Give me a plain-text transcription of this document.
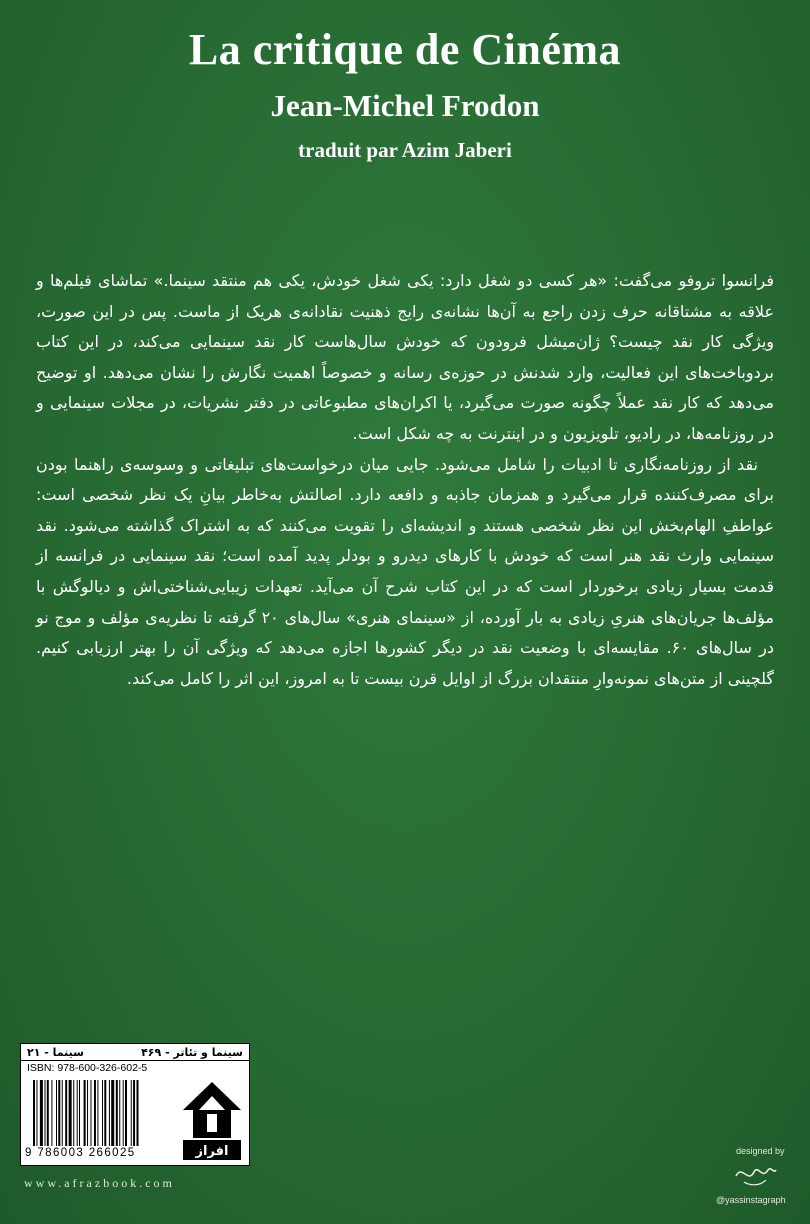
La critique de Cinéma
Jean-Michel Frodon
traduit par Azim Jaberi

فرانسوا تروفو می‌گفت: «هر کسی دو شغل دارد: یکی شغل خودش، یکی هم منتقد سینما.» تماشای فیلم‌ها و علاقه به مشتاقانه حرف زدن راجع به آن‌ها نشانه‌ی رایج ذهنیت نقادانه‌ی هریک از ماست. پس در این صورت، ویژگی کار نقد چیست؟ ژان‌میشل فرودون که خودش سال‌هاست کار نقد سینمایی می‌کند، در این کتاب بردوباخت‌های این فعالیت، وارد شدنش در حوزه‌ی رسانه و خصوصاً اهمیت نگارش را نشان می‌دهد. او توضیح می‌دهد که کار نقد عملاً چگونه صورت می‌گیرد، یا اکران‌های مطبوعاتی در دفتر نشریات، در مجلات سینمایی و در روزنامه‌ها، در رادیو، تلویزیون و در اینترنت به چه شکل است.

نقد از روزنامه‌نگاری تا ادبیات را شامل می‌شود. جایی میان درخواست‌های تبلیغاتی و وسوسه‌ی راهنما بودن برای مصرف‌کننده قرار می‌گیرد و همزمان جاذبه و دافعه دارد. اصالتش به‌خاطر بیانِ یک نظر شخصی است: عواطفِ الهام‌بخش این نظر شخصی هستند و اندیشه‌ای را تقویت می‌کنند که به اشتراک گذاشته می‌شود. نقد سینمایی وارث نقد هنر است که خودش با کارهای دیدرو و بودلر پدید آمده است؛ نقد سینمایی در فرانسه از قدمت بسیار زیادی برخوردار است که در این کتاب شرح آن می‌آید. تعهدات زیبایی‌شناختی‌اش و دیالوگش با مؤلف‌ها جریان‌های هنریِ زیادی به بار آورده، از «سینمای هنری» سال‌های ۲۰ گرفته تا نظریه‌ی مؤلف و موج نو در سال‌های ۶۰. مقایسه‌ای با وضعیت نقد در دیگر کشورها اجازه می‌دهد که ویژگی آن را بهتر ارزیابی کنیم. گلچینی از متن‌های نمونه‌وارِ منتقدان بزرگ از اوایل قرن بیست تا به امروز، این اثر را کامل می‌کند.

سینما و تئاتر - ۴۶۹
سینما - ۲۱
ISBN: 978-600-326-602-5
9 786003 266025	افراز
www.afrazbook.com
designed by
@yassinstagraph
